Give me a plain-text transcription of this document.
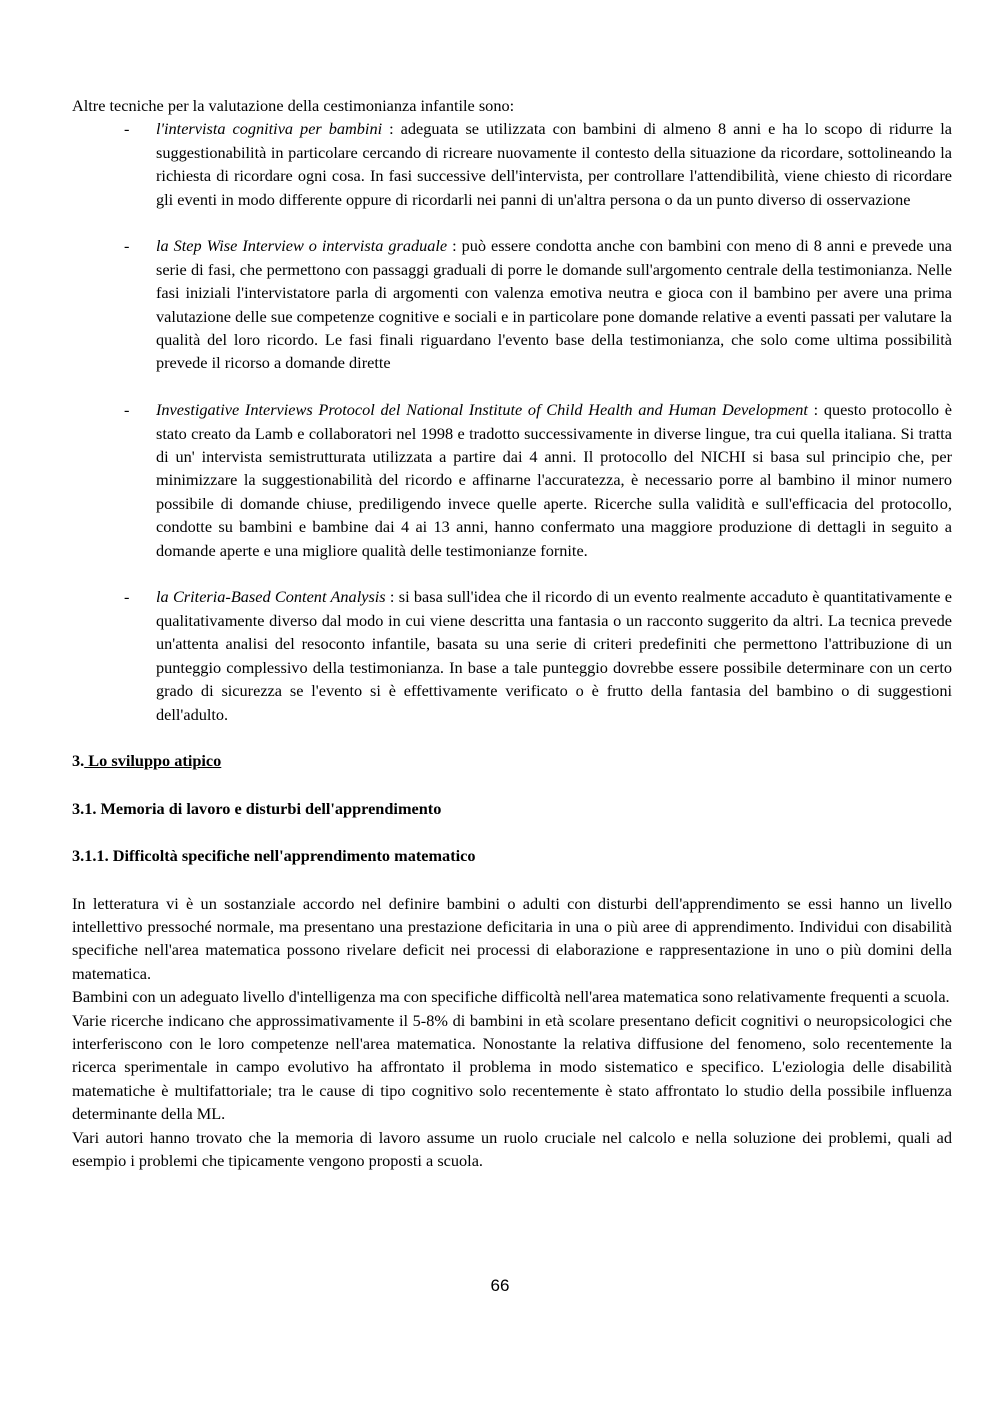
Altre tecniche per la valutazione della cestimonianza infantile sono:

- l'intervista cognitiva per bambini : adeguata se utilizzata con bambini di almeno 8 anni e ha lo scopo di ridurre la suggestionabilità in particolare cercando di ricreare nuovamente il contesto della situazione da ricordare, sottolineando la richiesta di ricordare ogni cosa. In fasi successive dell'intervista, per controllare l'attendibilità, viene chiesto di ricordare gli eventi in modo differente oppure di ricordarli nei panni di un'altra persona o da un punto diverso di osservazione
- la Step Wise Interview o intervista graduale : può essere condotta anche con bambini con meno di 8 anni e prevede una serie di fasi, che permettono con passaggi graduali di porre le domande sull'argomento centrale della testimonianza. Nelle fasi iniziali l'intervistatore parla di argomenti con valenza emotiva neutra e gioca con il bambino per avere una prima valutazione delle sue competenze cognitive e sociali e in particolare pone domande relative a eventi passati per valutare la qualità del loro ricordo. Le fasi finali riguardano l'evento base della testimonianza, che solo come ultima possibilità prevede il ricorso a domande dirette
- Investigative Interviews Protocol del National Institute of Child Health and Human Development : questo protocollo è stato creato da Lamb e collaboratori nel 1998 e tradotto successivamente in diverse lingue, tra cui quella italiana. Si tratta di un' intervista semistrutturata utilizzata a partire dai 4 anni. Il protocollo del NICHI si basa sul principio che, per minimizzare la suggestionabilità del ricordo e affinarne l'accuratezza, è necessario porre al bambino il minor numero possibile di domande chiuse, prediligendo invece quelle aperte. Ricerche sulla validità e sull'efficacia del protocollo, condotte su bambini e bambine dai 4 ai 13 anni, hanno confermato una maggiore produzione di dettagli in seguito a domande aperte e una migliore qualità delle testimonianze fornite.
- la Criteria-Based Content Analysis : si basa sull'idea che il ricordo di un evento realmente accaduto è quantitativamente e qualitativamente diverso dal modo in cui viene descritta una fantasia o un racconto suggerito da altri. La tecnica prevede un'attenta analisi del resoconto infantile, basata su una serie di criteri predefiniti che permettono l'attribuzione di un punteggio complessivo della testimonianza. In base a tale punteggio dovrebbe essere possibile determinare con un certo grado di sicurezza se l'evento si è effettivamente verificato o è frutto della fantasia del bambino o di suggestioni dell'adulto.
3. Lo sviluppo atipico
3.1. Memoria di lavoro e disturbi dell'apprendimento
3.1.1. Difficoltà specifiche nell'apprendimento matematico

In letteratura vi è un sostanziale accordo nel definire bambini o adulti con disturbi dell'apprendimento se essi hanno un livello intellettivo pressoché normale, ma presentano una prestazione deficitaria in una o più aree di apprendimento. Individui con disabilità specifiche nell'area matematica possono rivelare deficit nei processi di elaborazione e rappresentazione in uno o più domini della matematica.

Bambini con un adeguato livello d'intelligenza ma con specifiche difficoltà nell'area matematica sono relativamente frequenti a scuola.

Varie ricerche indicano che approssimativamente il 5-8% di bambini in età scolare presentano deficit cognitivi o neuropsicologici che interferiscono con le loro competenze nell'area matematica. Nonostante la relativa diffusione del fenomeno, solo recentemente la ricerca sperimentale in campo evolutivo ha affrontato il problema in modo sistematico e specifico. L'eziologia delle disabilità matematiche è multifattoriale; tra le cause di tipo cognitivo solo recentemente è stato affrontato lo studio della possibile influenza determinante della ML.

Vari autori hanno trovato che la memoria di lavoro assume un ruolo cruciale nel calcolo e nella soluzione dei problemi, quali ad esempio i problemi che tipicamente vengono proposti a scuola.

66
